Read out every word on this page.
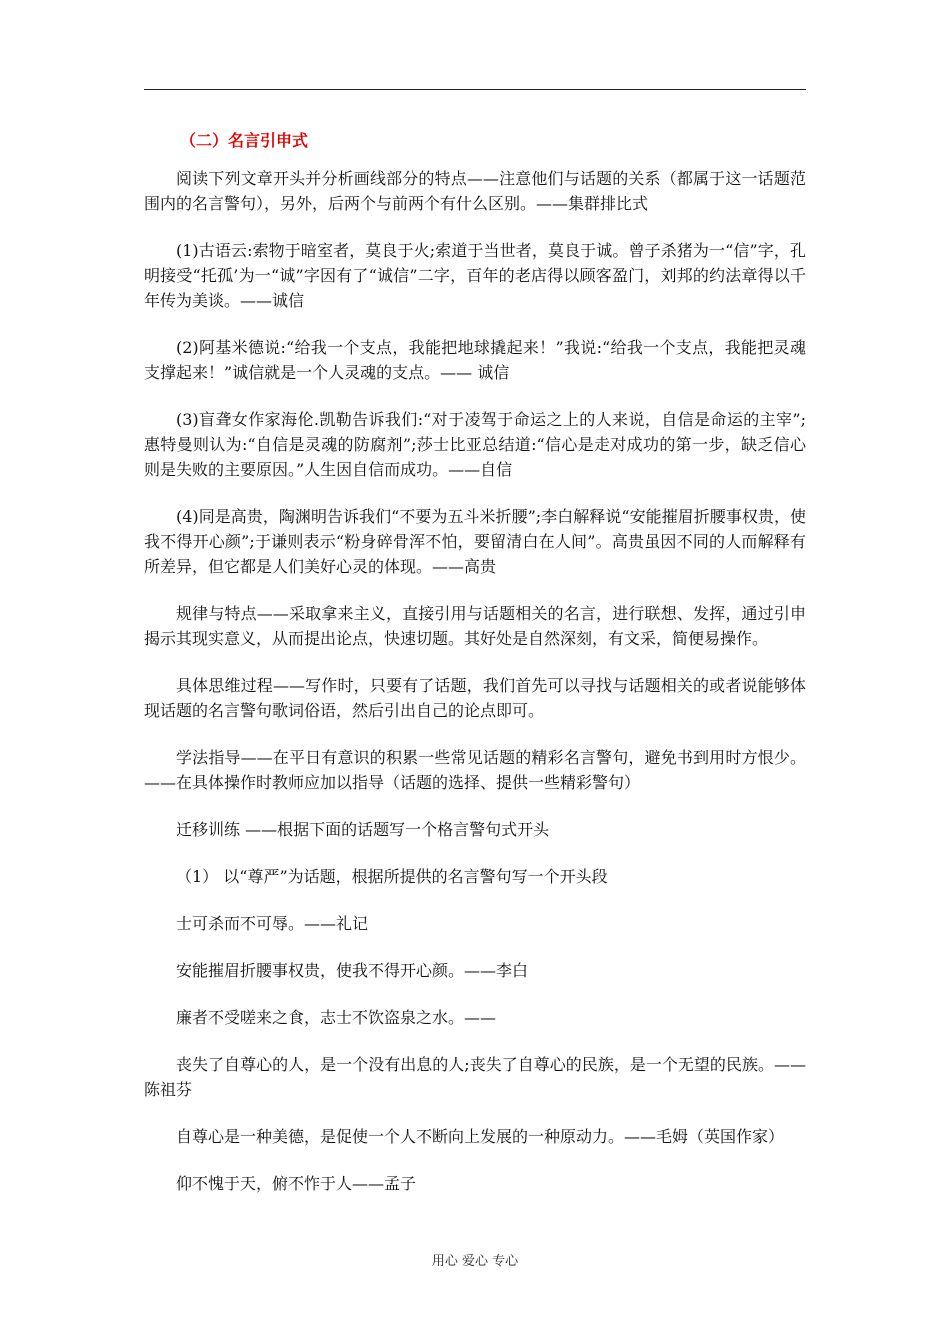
（二）名言引申式

阅读下列文章开头并分析画线部分的特点——注意他们与话题的关系（都属于这一话题范围内的名言警句），另外，后两个与前两个有什么区别。——集群排比式

(1)古语云:索物于暗室者，莫良于火;索道于当世者，莫良于诚。曾子杀猪为一“信”字，孔明接受“托孤’为一“诚”字因有了“诚信”二字，百年的老店得以顾客盈门，刘邦的约法章得以千年传为美谈。——诚信

(2)阿基米德说:“给我一个支点，我能把地球撬起来！”我说:“给我一个支点，我能把灵魂支撑起来！”诚信就是一个人灵魂的支点。—— 诚信

(3)盲聋女作家海伦.凯勒告诉我们:“对于凌驾于命运之上的人来说，自信是命运的主宰”;惠特曼则认为:“自信是灵魂的防腐剂”;莎士比亚总结道:“信心是走对成功的第一步，缺乏信心则是失败的主要原因。”人生因自信而成功。——自信

(4)同是高贵，陶渊明告诉我们“不要为五斗米折腰”;李白解释说“安能摧眉折腰事权贵，使我不得开心颜”;于谦则表示“粉身碎骨浑不怕，要留清白在人间”。高贵虽因不同的人而解释有所差异，但它都是人们美好心灵的体现。——高贵

规律与特点——采取拿来主义，直接引用与话题相关的名言，进行联想、发挥，通过引申揭示其现实意义，从而提出论点，快速切题。其好处是自然深刻，有文采，简便易操作。

具体思维过程——写作时，只要有了话题，我们首先可以寻找与话题相关的或者说能够体现话题的名言警句歌词俗语，然后引出自己的论点即可。

学法指导——在平日有意识的积累一些常见话题的精彩名言警句，避免书到用时方恨少。——在具体操作时教师应加以指导（话题的选择、提供一些精彩警句）

迁移训练 ——根据下面的话题写一个格言警句式开头

（1） 以“尊严”为话题，根据所提供的名言警句写一个开头段

士可杀而不可辱。——礼记

安能摧眉折腰事权贵，使我不得开心颜。——李白

廉者不受嗟来之食，志士不饮盗泉之水。——

丧失了自尊心的人，是一个没有出息的人;丧失了自尊心的民族，是一个无望的民族。——陈祖芬

自尊心是一种美德，是促使一个人不断向上发展的一种原动力。——毛姆（英国作家）

仰不愧于天，俯不怍于人——孟子

用心 爱心 专心
